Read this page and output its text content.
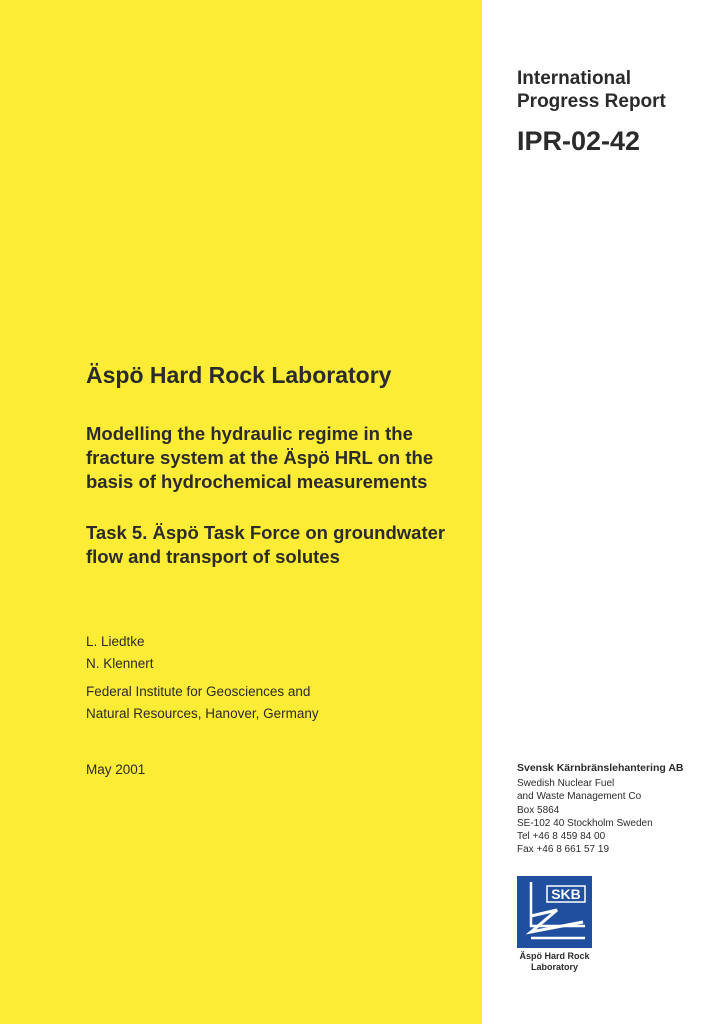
International
Progress Report
IPR-02-42
Äspö Hard Rock Laboratory
Modelling the hydraulic regime in the
fracture system at the Äspö HRL on the
basis of hydrochemical measurements
Task 5. Äspö Task Force on groundwater
flow and transport of solutes
L. Liedtke
N. Klennert
Federal Institute for Geosciences and
Natural Resources, Hanover, Germany
May 2001	Svensk Kärnbränslehantering AB
Swedish Nuclear Fuel
and Waste Management Co
Box 5864
SE-102 40 Stockholm Sweden
Tel +46 8 459 84 00
Fax +46 8 661 57 19
SKB
Äspö Hard Rock
Laboratory
